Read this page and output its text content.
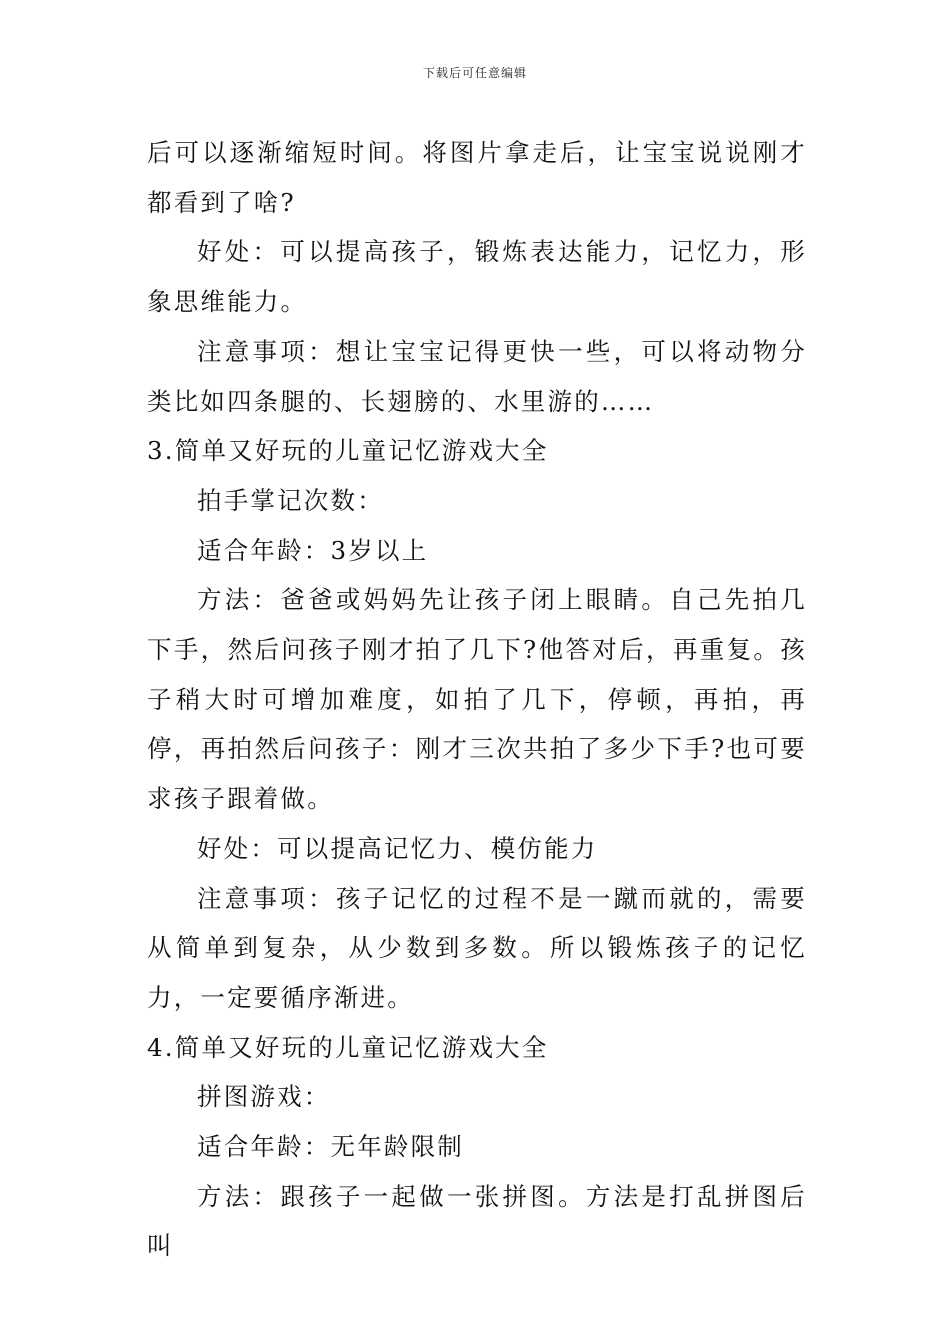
下载后可任意编辑

后可以逐渐缩短时间。将图片拿走后，让宝宝说说刚才都看到了啥?

好处：可以提高孩子，锻炼表达能力，记忆力，形象思维能力。

注意事项：想让宝宝记得更快一些，可以将动物分类比如四条腿的、长翅膀的、水里游的……

3.简单又好玩的儿童记忆游戏大全

拍手掌记次数：

适合年龄：3岁以上

方法：爸爸或妈妈先让孩子闭上眼睛。自己先拍几下手，然后问孩子刚才拍了几下?他答对后，再重复。孩子稍大时可增加难度，如拍了几下，停顿，再拍，再停，再拍然后问孩子：刚才三次共拍了多少下手?也可要求孩子跟着做。

好处：可以提高记忆力、模仿能力

注意事项：孩子记忆的过程不是一蹴而就的，需要从简单到复杂，从少数到多数。所以锻炼孩子的记忆力，一定要循序渐进。

4.简单又好玩的儿童记忆游戏大全

拼图游戏：

适合年龄：无年龄限制

方法：跟孩子一起做一张拼图。方法是打乱拼图后叫
